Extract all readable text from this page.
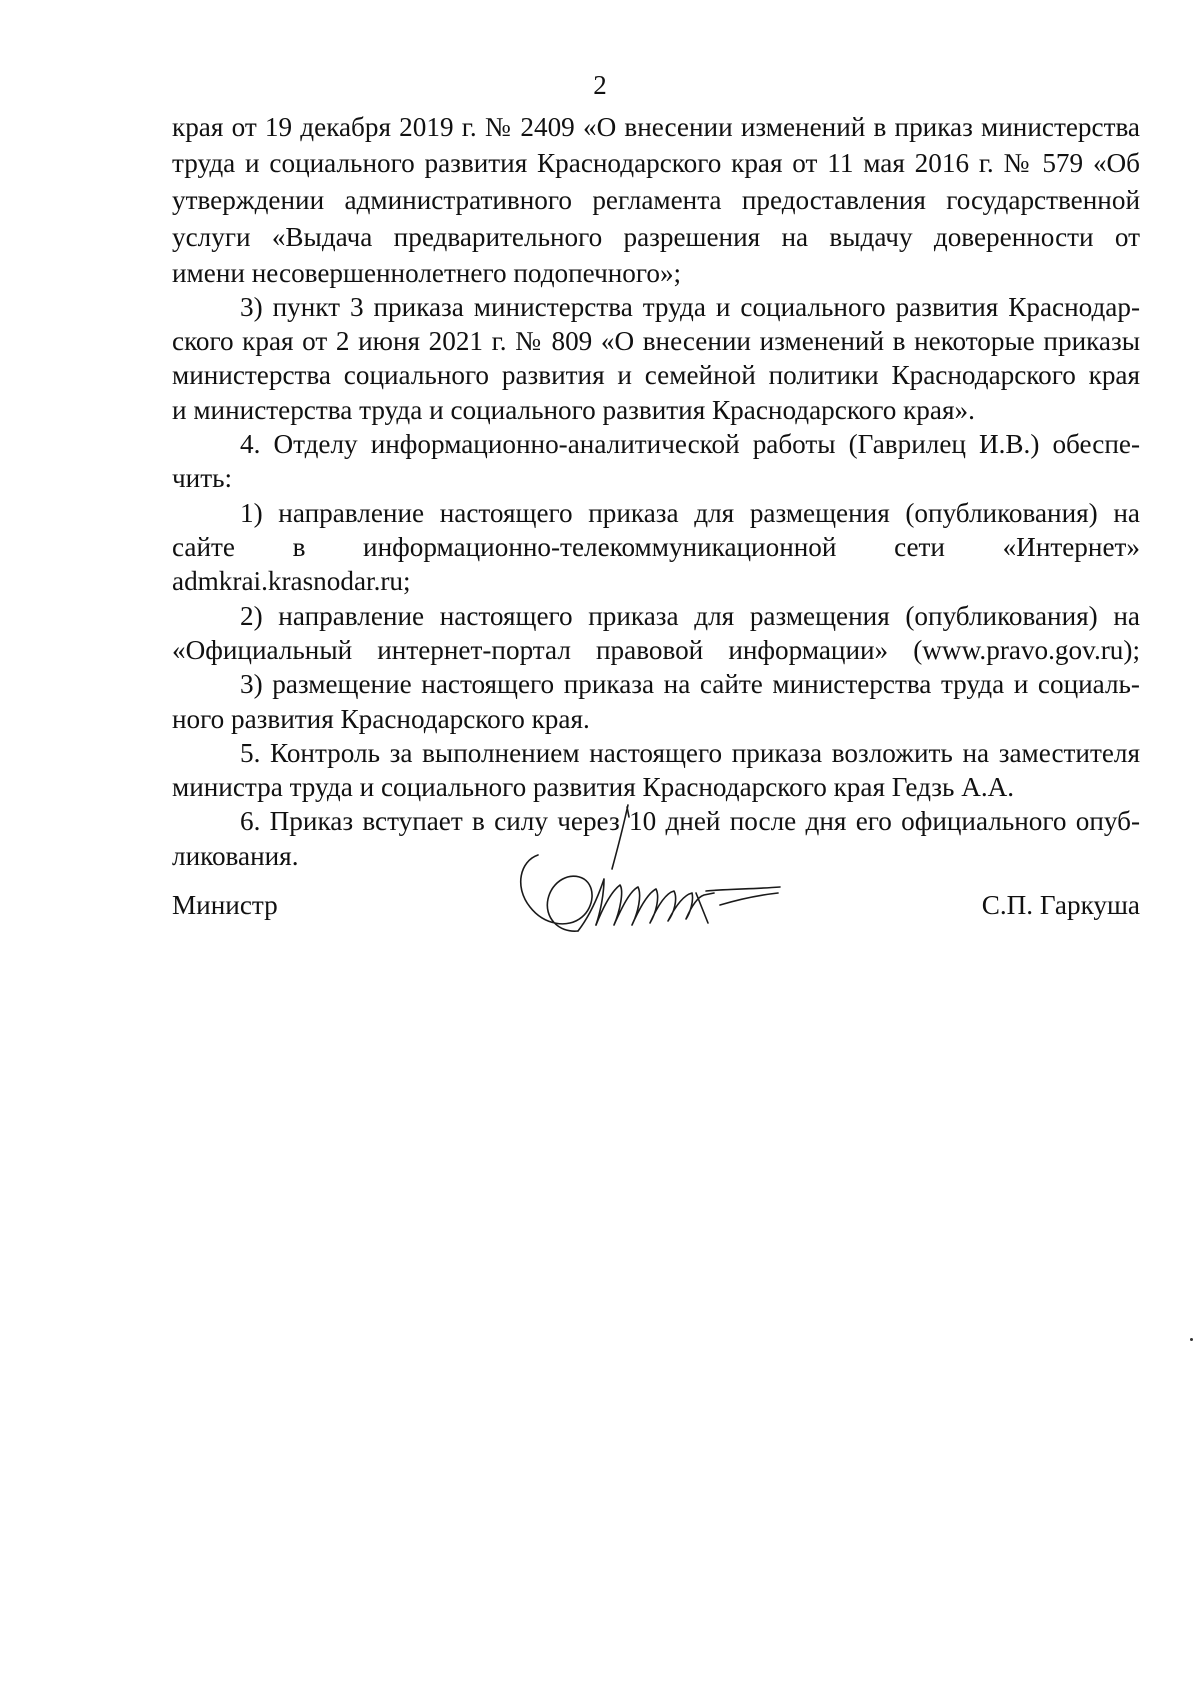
2
края от 19 декабря 2019 г. № 2409 «О внесении изменений в приказ министерства
труда и социального развития Краснодарского края от 11 мая 2016 г. № 579 «Об
утверждении административного регламента предоставления государственной
услуги «Выдача предварительного разрешения на выдачу доверенности от
имени несовершеннолетнего подопечного»;
3) пункт 3 приказа министерства труда и социального развития Краснодар-
ского края от 2 июня 2021 г. № 809 «О внесении изменений в некоторые приказы
министерства социального развития и семейной политики Краснодарского края
и министерства труда и социального развития Краснодарского края».
4. Отделу информационно-аналитической работы (Гаврилец И.В.) обеспе-
чить:
1) направление настоящего приказа для размещения (опубликования) на
сайте в информационно-телекоммуникационной сети «Интернет»
admkrai.krasnodar.ru;
2) направление настоящего приказа для размещения (опубликования) на
«Официальный интернет-портал правовой информации» (www.pravo.gov.ru);
3) размещение настоящего приказа на сайте министерства труда и социаль-
ного развития Краснодарского края.
5. Контроль за выполнением настоящего приказа возложить на заместителя
министра труда и социального развития Краснодарского края Гедзь А.А.
6. Приказ вступает в силу через 10 дней после дня его официального опуб-
ликования.
Министр	С.П. Гаркуша
